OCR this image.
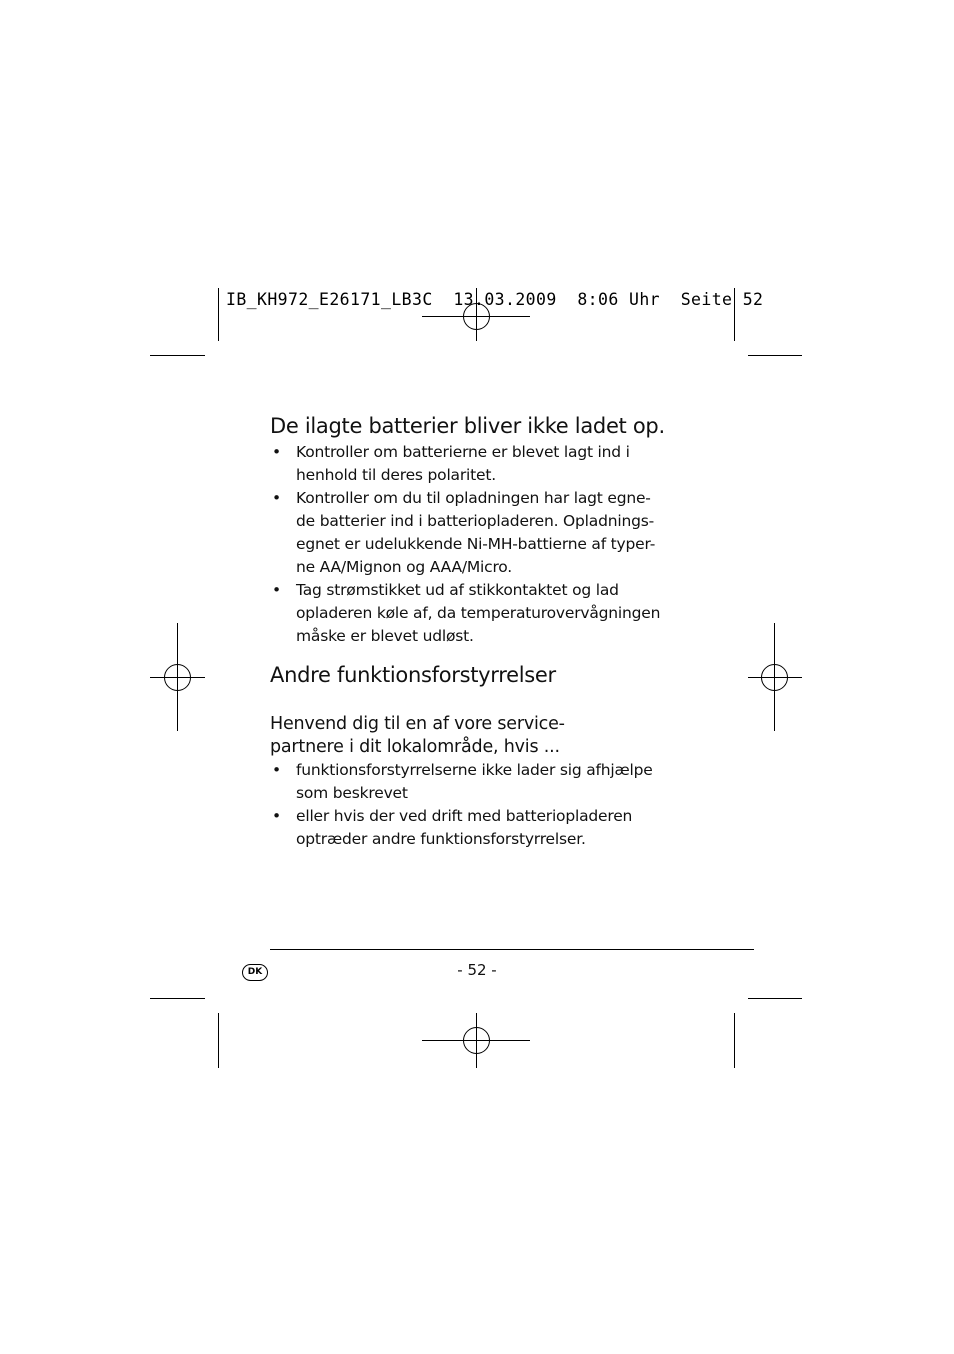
IB_KH972_E26171_LB3C  13.03.2009  8:06 Uhr  Seite 52
De ilagte batterier bliver ikke ladet op.
• Kontroller om batterierne er blevet lagt ind i
henhold til deres polaritet.
• Kontroller om du til opladningen har lagt egne-
de batterier ind i batteriopladeren. Opladnings-
egnet er udelukkende Ni-MH-battierne af typer-
ne AA/Mignon og AAA/Micro.
• Tag strømstikket ud af stikkontaktet og lad
opladeren køle af, da temperaturovervågningen
måske er blevet udløst.
Andre funktionsforstyrrelser

Henvend dig til en af vore service-
partnere i dit lokalområde, hvis ...

• funktionsforstyrrelserne ikke lader sig afhjælpe
som beskrevet
• eller hvis der ved drift med batteriopladeren
optræder andre funktionsforstyrrelser.
DK	- 52 -
